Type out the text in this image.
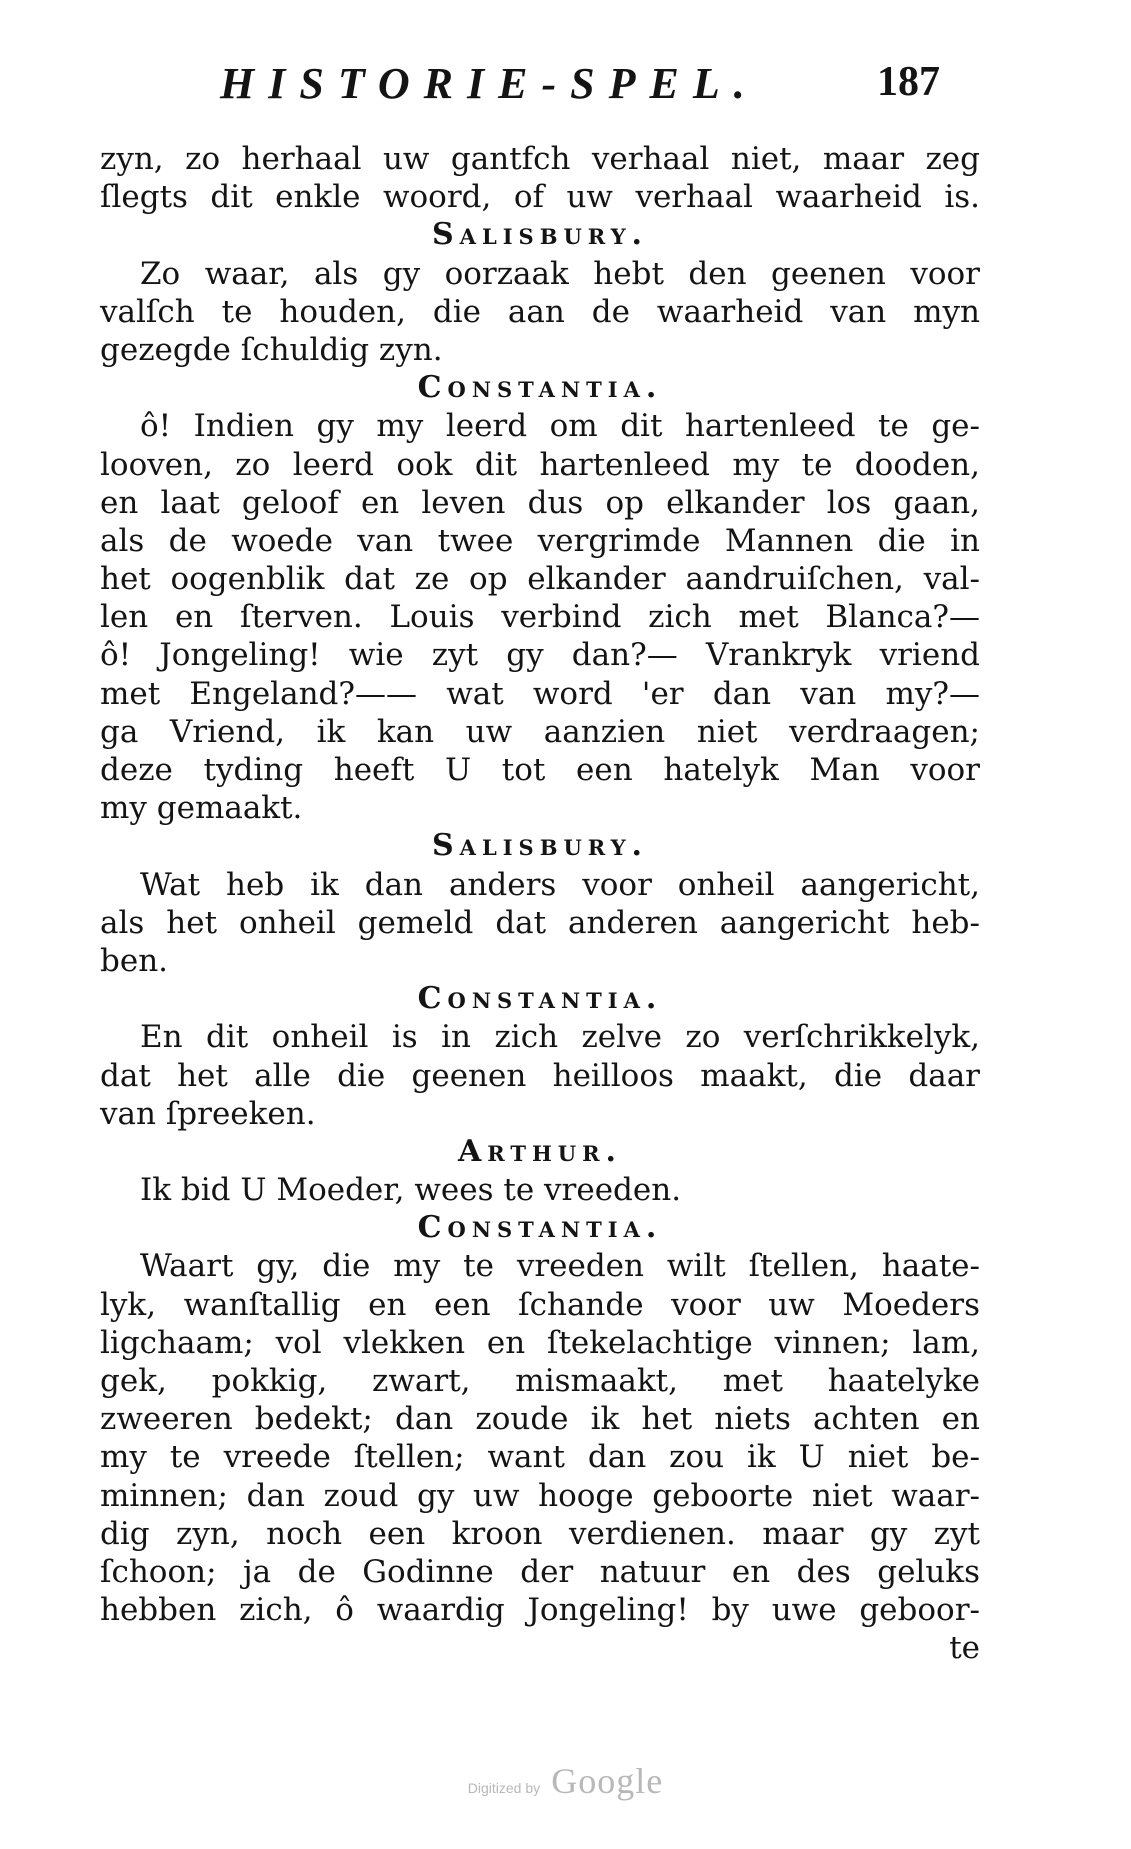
HISTORIE-SPEL.	187
zyn, zo herhaal uw gantfch verhaal niet, maar zeg
ſlegts dit enkle woord, of uw verhaal waarheid is.
Salisbury.
Zo waar, als gy oorzaak hebt den geenen voor
valſch te houden, die aan de waarheid van myn
gezegde ſchuldig zyn.
Constantia.
ô! Indien gy my leerd om dit hartenleed te ge-
looven, zo leerd ook dit hartenleed my te dooden,
en laat geloof en leven dus op elkander los gaan,
als de woede van twee vergrimde Mannen die in
het oogenblik dat ze op elkander aandruiſchen, val-
len en ſterven. Louis verbind zich met Blanca?—
ô! Jongeling! wie zyt gy dan?— Vrankryk vriend
met Engeland?—— wat word 'er dan van my?—
ga Vriend, ik kan uw aanzien niet verdraagen;
deze tyding heeft U tot een hatelyk Man voor
my gemaakt.
Salisbury.
Wat heb ik dan anders voor onheil aangericht,
als het onheil gemeld dat anderen aangericht heb-
ben.
Constantia.
En dit onheil is in zich zelve zo verſchrikkelyk,
dat het alle die geenen heilloos maakt, die daar
van ſpreeken.
Arthur.
Ik bid U Moeder, wees te vreeden.
Constantia.
Waart gy, die my te vreeden wilt ſtellen, haate-
lyk, wanſtallig en een ſchande voor uw Moeders
ligchaam; vol vlekken en ſtekelachtige vinnen; lam,
gek, pokkig, zwart, mismaakt, met haatelyke
zweeren bedekt; dan zoude ik het niets achten en
my te vreede ſtellen; want dan zou ik U niet be-
minnen; dan zoud gy uw hooge geboorte niet waar-
dig zyn, noch een kroon verdienen. maar gy zyt
ſchoon; ja de Godinne der natuur en des geluks
hebben zich, ô waardig Jongeling! by uwe geboor-
te
Digitized by Google
